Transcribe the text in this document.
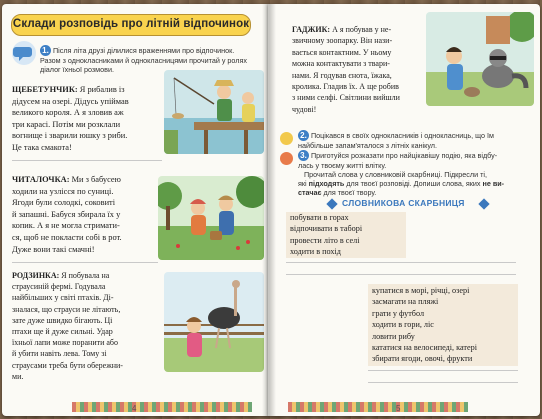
Склади розповідь про літній відпочинок
1. Після літа друзі ділилися враженнями про відпочинок.
Разом з однокласниками й однокласницями прочитай у ролях
діалог їхньої розмови.
ЩЕБЕТУНЧИК: Я рибалив із
дідусем на озері. Дідусь упіймав
великого короля. А я зловив аж
три карасі. Потім ми розклали
вогнище і зварили юшку з риби.
Це така смакота!
ЧИТАЛОЧКА: Ми з бабусею
ходили на узлісся по суниці.
Ягоди були солодкі, соковиті
й запашні. Бабуся збирала їх у
копик. А я не могла стримати-
ся, щоб не покласти собі в рот.
Дуже вони такі смачні!
РОДЗИНКА: Я побувала на
страусиній фермі. Годувала
найбільших у світі птахів. Ді-
зналася, що страуси не літають,
зате дуже швидко бігають. Ці
птахи ще й дуже сильні. Удар
їхньої лапи може поранити або
й убити навіть лева. Тому зі
страусами треба бути обережни-
ми.
4
ГАДЖИК: А я побував у не-
звичному зоопарку. Він нази-
вається контактним. У ньому
можна контактувати з твари-
нами. Я годував єнота, їжака,
кролика. Гладив їх. А ще робив
з ними селфі. Світлини вийшли
чудові!
2. Поцікався в своїх однокласників і однокласниць, що їм
найбільше запам'яталося з літніх канікул.
3. Приготуйся розказати про найцікавішу подію, яка відбу-
лась у твоєму житті влітку.
Прочитай слова у словниковій скарбниці. Підкресли ті,
які підходять для твоєї розповіді. Допиши слова, яких не ви-
стачає для твоєї твору.
СЛОВНИКОВА СКАРБНИЦЯ
побувати в горах
відпочивати в таборі
провести літо в селі
ходити в похід
купатися в морі, річці, озері
засмагати на пляжі
грати у футбол
ходити в гори, ліс
ловити рибу
кататися на велосипеді, катері
збирати ягоди, овочі, фрукти
5
